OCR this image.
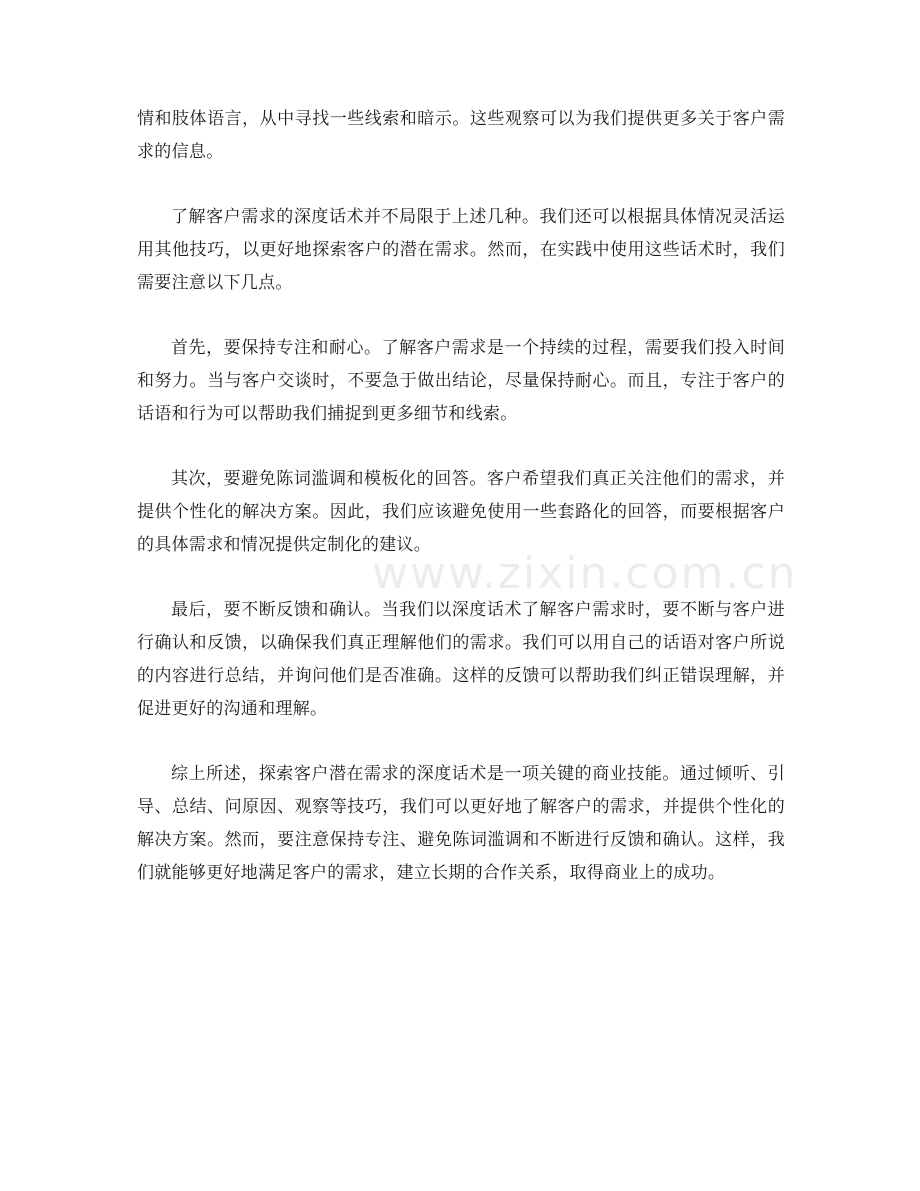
情和肢体语言，从中寻找一些线索和暗示。这些观察可以为我们提供更多关于客户需求的信息。

了解客户需求的深度话术并不局限于上述几种。我们还可以根据具体情况灵活运用其他技巧，以更好地探索客户的潜在需求。然而，在实践中使用这些话术时，我们需要注意以下几点。

首先，要保持专注和耐心。了解客户需求是一个持续的过程，需要我们投入时间和努力。当与客户交谈时，不要急于做出结论，尽量保持耐心。而且，专注于客户的话语和行为可以帮助我们捕捉到更多细节和线索。

其次，要避免陈词滥调和模板化的回答。客户希望我们真正关注他们的需求，并提供个性化的解决方案。因此，我们应该避免使用一些套路化的回答，而要根据客户的具体需求和情况提供定制化的建议。

最后，要不断反馈和确认。当我们以深度话术了解客户需求时，要不断与客户进行确认和反馈，以确保我们真正理解他们的需求。我们可以用自己的话语对客户所说的内容进行总结，并询问他们是否准确。这样的反馈可以帮助我们纠正错误理解，并促进更好的沟通和理解。

综上所述，探索客户潜在需求的深度话术是一项关键的商业技能。通过倾听、引导、总结、问原因、观察等技巧，我们可以更好地了解客户的需求，并提供个性化的解决方案。然而，要注意保持专注、避免陈词滥调和不断进行反馈和确认。这样，我们就能够更好地满足客户的需求，建立长期的合作关系，取得商业上的成功。

www.zixin.com.cn
